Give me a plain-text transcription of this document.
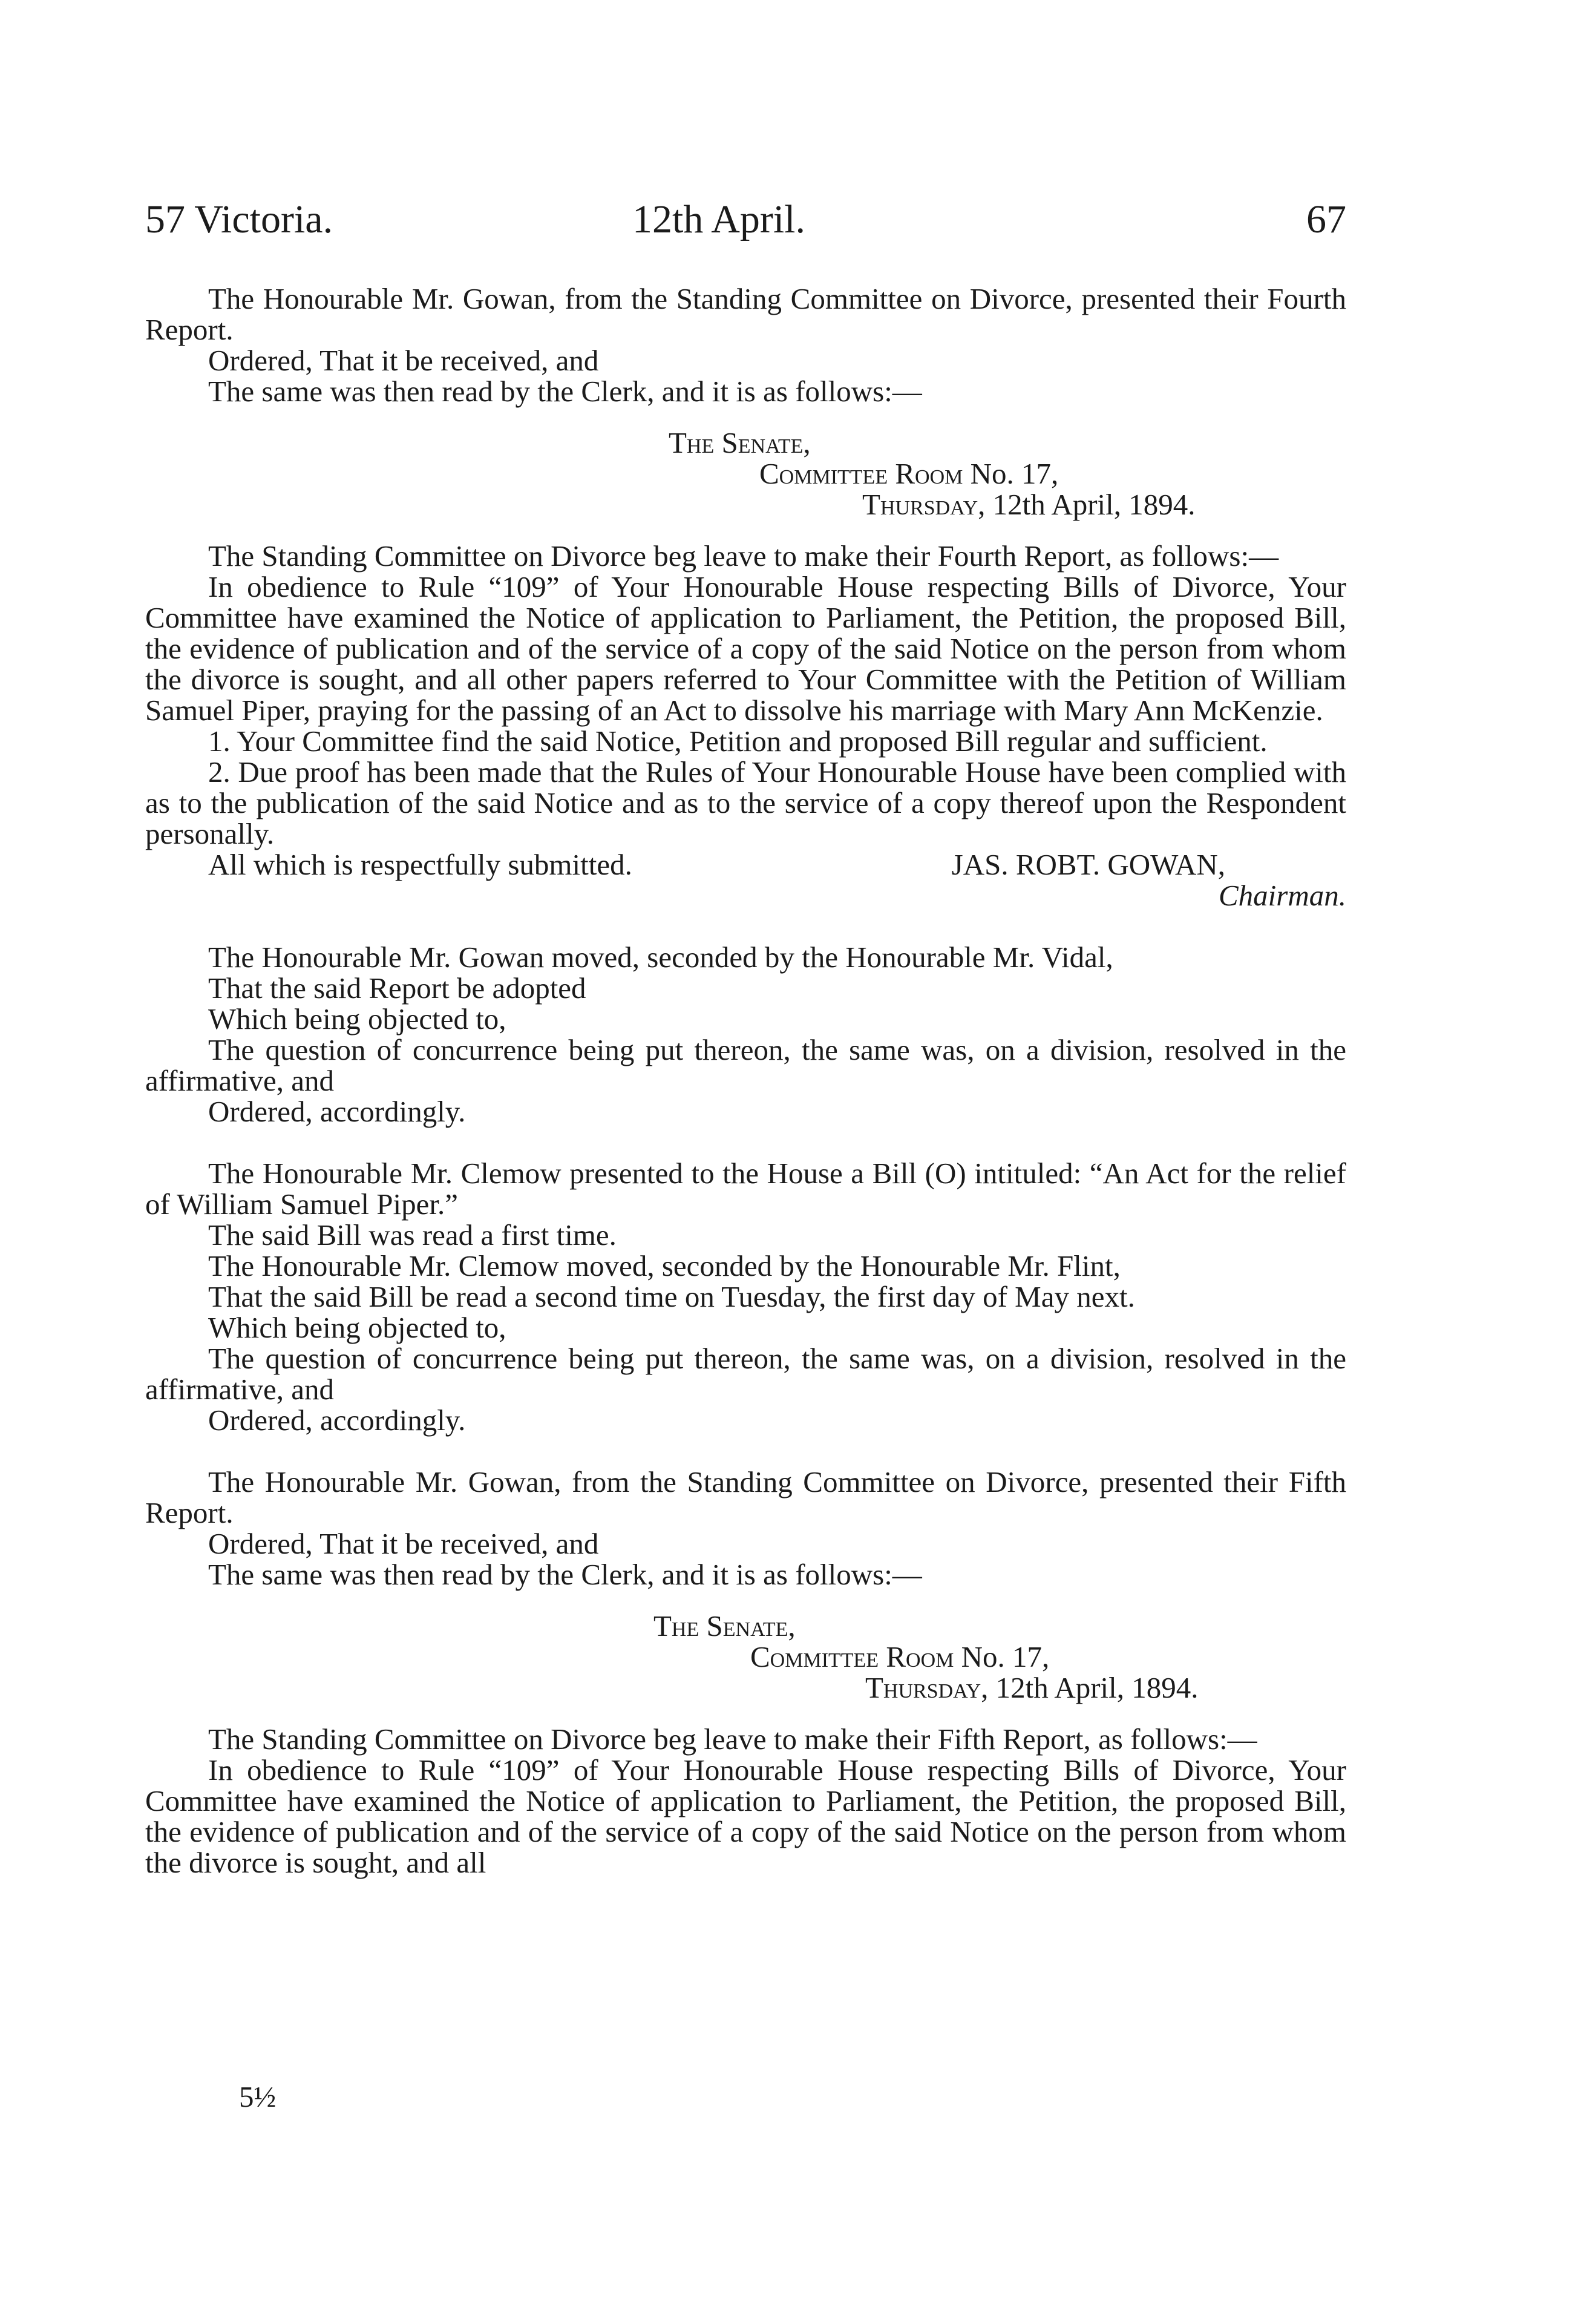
57 Victoria.	12th April.	67

The Honourable Mr. Gowan, from the Standing Committee on Divorce, presented their Fourth Report.

Ordered, That it be received, and

The same was then read by the Clerk, and it is as follows:—

The Senate,

Committee Room No. 17,

Thursday, 12th April, 1894.

The Standing Committee on Divorce beg leave to make their Fourth Report, as follows:—

In obedience to Rule “109” of Your Honourable House respecting Bills of Divorce, Your Committee have examined the Notice of application to Parliament, the Petition, the proposed Bill, the evidence of publication and of the service of a copy of the said Notice on the person from whom the divorce is sought, and all other papers referred to Your Committee with the Petition of William Samuel Piper, praying for the passing of an Act to dissolve his marriage with Mary Ann McKenzie.

1. Your Committee find the said Notice, Petition and proposed Bill regular and sufficient.

2. Due proof has been made that the Rules of Your Honourable House have been complied with as to the publication of the said Notice and as to the service of a copy thereof upon the Respondent personally.

All which is respectfully submitted.	JAS. ROBT. GOWAN,

Chairman.

The Honourable Mr. Gowan moved, seconded by the Honourable Mr. Vidal,

That the said Report be adopted

Which being objected to,

The question of concurrence being put thereon, the same was, on a division, resolved in the affirmative, and

Ordered, accordingly.

The Honourable Mr. Clemow presented to the House a Bill (O) intituled: “An Act for the relief of William Samuel Piper.”

The said Bill was read a first time.

The Honourable Mr. Clemow moved, seconded by the Honourable Mr. Flint,

That the said Bill be read a second time on Tuesday, the first day of May next.

Which being objected to,

The question of concurrence being put thereon, the same was, on a division, resolved in the affirmative, and

Ordered, accordingly.

The Honourable Mr. Gowan, from the Standing Committee on Divorce, presented their Fifth Report.

Ordered, That it be received, and

The same was then read by the Clerk, and it is as follows:—

The Senate,

Committee Room No. 17,

Thursday, 12th April, 1894.

The Standing Committee on Divorce beg leave to make their Fifth Report, as follows:—

In obedience to Rule “109” of Your Honourable House respecting Bills of Divorce, Your Committee have examined the Notice of application to Parliament, the Petition, the proposed Bill, the evidence of publication and of the service of a copy of the said Notice on the person from whom the divorce is sought, and all

5½
